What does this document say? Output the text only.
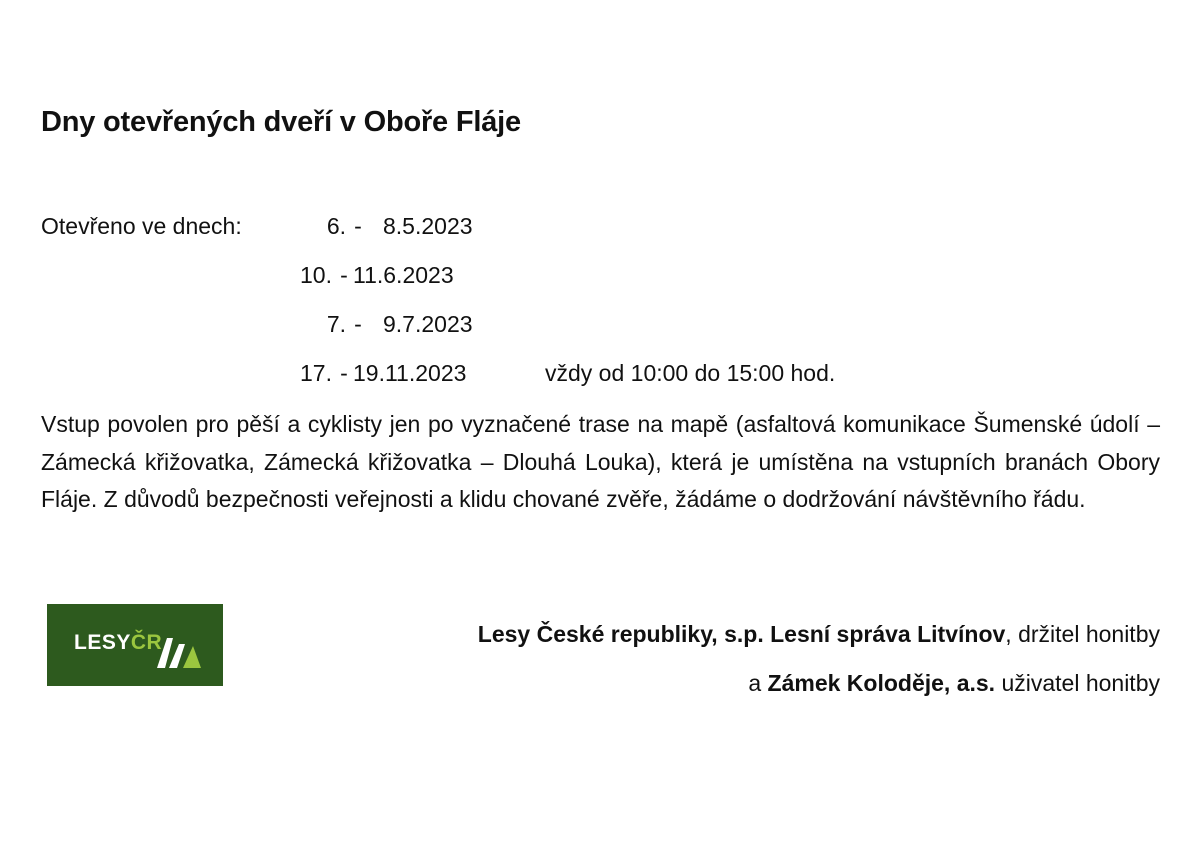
Dny otevřených dveří v Oboře Fláje
Otevřeno ve dnech:	6. - 8.5.2023
10. - 11.6.2023
7. - 9.7.2023
17. - 19.11.2023	vždy od 10:00 do 15:00 hod.
Vstup povolen pro pěší a cyklisty jen po vyznačené trase na mapě (asfaltová komunikace Šumenské údolí – Zámecká křižovatka, Zámecká křižovatka – Dlouhá Louka), která je umístěna na vstupních branách Obory Fláje. Z důvodů bezpečnosti veřejnosti a klidu chované zvěře, žádáme o dodržování návštěvního řádu.
LESYČR	Lesy České republiky, s.p. Lesní správa Litvínov, držitel honitby
a Zámek Koloděje, a.s. uživatel honitby
